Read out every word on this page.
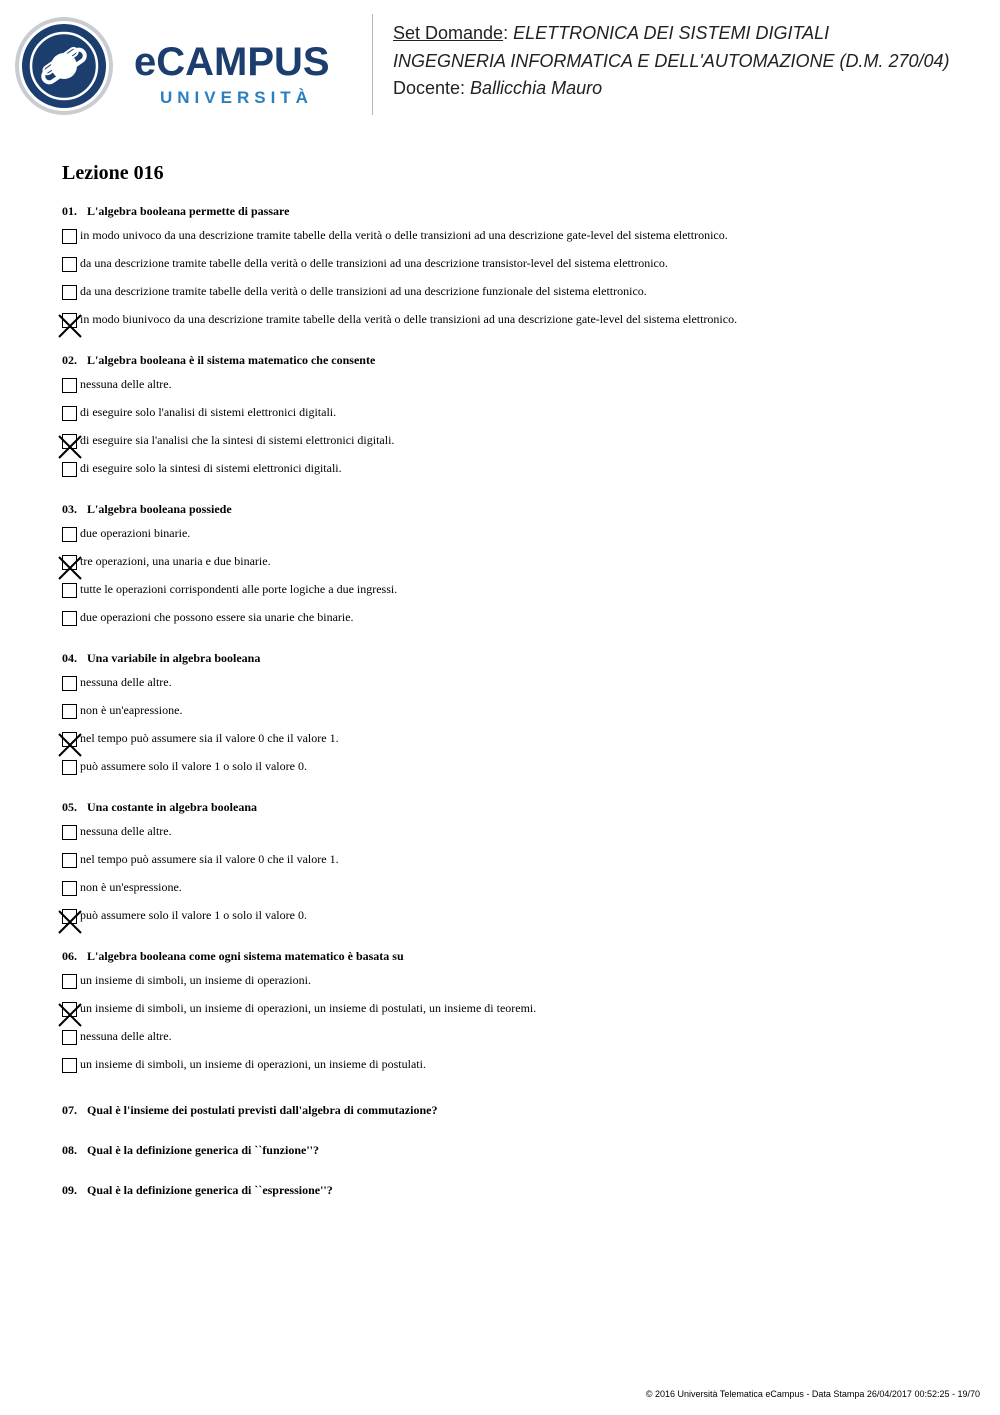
eCAMPUS
UNIVERSITÀ
Set Domande: ELETTRONICA DEI SISTEMI DIGITALI
INGEGNERIA INFORMATICA E DELL'AUTOMAZIONE (D.M. 270/04)
Docente: Ballicchia Mauro
Lezione 016
01. L'algebra booleana permette di passare
in modo univoco da una descrizione tramite tabelle della verità o delle transizioni ad una descrizione gate-level del sistema elettronico.
da una descrizione tramite tabelle della verità o delle transizioni ad una descrizione transistor-level del sistema elettronico.
da una descrizione tramite tabelle della verità o delle transizioni ad una descrizione funzionale del sistema elettronico.
in modo biunivoco da una descrizione tramite tabelle della verità o delle transizioni ad una descrizione gate-level del sistema elettronico.
02. L'algebra booleana è il sistema matematico che consente
nessuna delle altre.
di eseguire solo l'analisi di sistemi elettronici digitali.
di eseguire sia l'analisi che la sintesi di sistemi elettronici digitali.
di eseguire solo la sintesi di sistemi elettronici digitali.
03. L'algebra booleana possiede
due operazioni binarie.
tre operazioni, una unaria e due binarie.
tutte le operazioni corrispondenti alle porte logiche a due ingressi.
due operazioni che possono essere sia unarie che binarie.
04. Una variabile in algebra booleana
nessuna delle altre.
non è un'eapressione.
nel tempo può assumere sia il valore 0 che il valore 1.
può assumere solo il valore 1 o solo il valore 0.
05. Una costante in algebra booleana
nessuna delle altre.
nel tempo può assumere sia il valore 0 che il valore 1.
non è un'espressione.
può assumere solo il valore 1 o solo il valore 0.
06. L'algebra booleana come ogni sistema matematico è basata su
un insieme di simboli, un insieme di operazioni.
un insieme di simboli, un insieme di operazioni, un insieme di postulati, un insieme di teoremi.
nessuna delle altre.
un insieme di simboli, un insieme di operazioni, un insieme di postulati.
07. Qual è l'insieme dei postulati previsti dall'algebra di commutazione?
08. Qual è la definizione generica di ``funzione''?
09. Qual è la definizione generica di ``espressione''?
© 2016 Università Telematica eCampus - Data Stampa 26/04/2017 00:52:25 - 19/70
